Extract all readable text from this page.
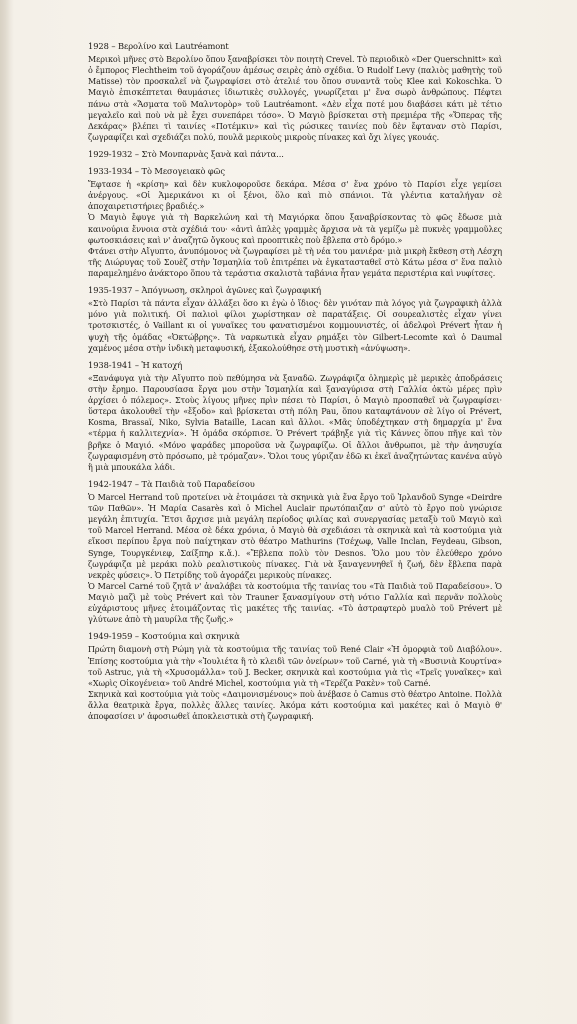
1928 – Βερολίνο καὶ Lautréamont

Μερικοὶ μῆνες στὸ Βερολίνο ὅπου ξαναβρίσκει τὸν ποιητὴ Crevel. Τὸ περιοδικὸ «Der Querschnitt» καὶ ὁ ἔμπορος Flechtheim τοῦ ἀγοράζουν ἀμέσως σειρὲς ἀπὸ σχέδια. Ὁ Rudolf Levy (παλιὸς μαθητὴς τοῦ Matisse) τὸν προσκαλεῖ νὰ ζωγραφίσει στὸ ἀτελιέ του ὅπου συναντᾶ τοὺς Klee καὶ Kokoschka. Ὁ Μαγιὸ ἐπισκέπτεται θαυμάσιες ἰδιωτικὲς συλλογές, γνωρίζεται μ' ἕνα σωρὸ ἀνθρώπους. Πέφτει πάνω στὰ «Ἄσματα τοῦ Μαλντορὸρ» τοῦ Lautréamont. «Δὲν εἶχα ποτέ μου διαβάσει κάτι μὲ τέτιο μεγαλεῖο καὶ ποὺ νὰ μὲ ἔχει συνεπάρει τόσο». Ὁ Μαγιὸ βρίσκεται στὴ πρεμιέρα τῆς «Ὄπερας τῆς Δεκάρας» βλέπει τὶ ταινίες «Ποτέμκιν» καὶ τὶς ρώσικες ταινίες ποὺ δὲν ἔφταναν στὸ Παρίσι, ζωγραφίζει καὶ σχεδιάζει πολύ, πουλᾶ μερικοὺς μικροὺς πίνακες καὶ ὄχι λίγες γκουάς.

1929-1932 – Στὸ Μονπαρνὰς ξανὰ καὶ πάντα...
1933-1934 – Τὸ Μεσογειακὸ φῶς

Ἔφτασε ἡ «κρίση» καὶ δὲν κυκλοφοροῦσε δεκάρα. Μέσα σ' ἕνα χρόνο τὸ Παρίσι εἶχε γεμίσει ἀνέργους. «Οἱ Ἀμερικάνοι κι οἱ ξένοι, ὅλο καὶ πιὸ σπάνιοι. Τὰ γλέντια καταλήγαν σὲ ἀποχαιρετιστήριες βραδιές.»

Ὁ Μαγιὸ ἔφυγε γιὰ τὴ Βαρκελώνη καὶ τὴ Μαγιόρκα ὅπου ξαναβρίσκοντας τὸ φῶς ἔδωσε μιὰ καινούρια ἔννοια στὰ σχέδιά του· «ἀντὶ ἁπλὲς γραμμὲς ἄρχισα νὰ τὰ γεμίζω μὲ πυκνὲς γραμμοῦλες φωτοσκιάσεις καὶ ν' ἀναζητῶ ὄγκους καὶ προοπτικὲς ποὺ ἔβλεπα στὸ δρόμο.»

Φτάνει στὴν Αἴγυπτο, ἀνυπόμονος νὰ ζωγραφίσει μὲ τὴ νέα του μανιέρα· μιὰ μικρὴ ἔκθεση στὴ Λέσχη τῆς Διώρυγας τοῦ Σουὲζ στὴν Ἰσμαηλία τοῦ ἐπιτρέπει νὰ ἐγκατασταθεῖ στὸ Κάτω μέσα σ' ἕνα παλιὸ παραμελημένο ἀνάκτορο ὅπου τὰ τεράστια σκαλιστὰ ταβάνια ἦταν γεμάτα περιστέρια καὶ νυφίτσες.

1935-1937 – Ἀπόγνωση, σκληροὶ ἀγῶνες καὶ ζωγραφική

«Στὸ Παρίσι τὰ πάντα εἶχαν ἀλλάξει ὅσο κι ἐγὼ ὁ ἴδιος· δὲν γινόταν πιὰ λόγος γιὰ ζωγραφικὴ ἀλλὰ μόνο γιὰ πολιτική. Οἱ παλιοὶ φίλοι χωρίστηκαν σὲ παρατάξεις. Οἱ σουρεαλιστὲς εἶχαν γίνει τροτσκιστές, ὁ Vaillant κι οἱ γυναῖκες του φανατισμένοι κομμουνιστές, οἱ ἀδελφοὶ Prévert ἦταν ἡ ψυχὴ τῆς ὁμάδας «Ὀκτώβρης». Τὰ ναρκωτικὰ εἶχαν ρημάξει τὸν Gilbert-Lecomte καὶ ὁ Daumal χαμένος μέσα στὴν ἰνδικὴ μεταφυσική, ἐξακολούθησε στὴ μυστικὴ «ἀνύψωση».

1938-1941 – Ἡ κατοχή

«Ξανάφυγα γιὰ τὴν Αἴγυπτο ποὺ πεθύμησα νὰ ξαναδῶ. Ζωγράφιζα ὁλημερὶς μὲ μερικὲς ἀποδράσεις στὴν ἔρημο. Παρουσίασα ἔργα μου στὴν Ἰσμαηλία καὶ ξαναγύρισα στὴ Γαλλία ὀκτὼ μέρες πρὶν ἀρχίσει ὁ πόλεμος». Στοὺς λίγους μῆνες πρὶν πέσει τὸ Παρίσι, ὁ Μαγιὸ προσπαθεῖ νὰ ζωγραφίσει· ὕστερα ἀκολουθεῖ τὴν «ἔξοδο» καὶ βρίσκεται στὴ πόλη Pau, ὅπου καταφτάνουν σὲ λίγο οἱ Prévert, Kosma, Brassaï, Niko, Sylvia Bataille, Lacan καὶ ἄλλοι. «Μᾶς ὑποδέχτηκαν στὴ δημαρχία μ' ἕνα «τέρμα ἡ καλλιτεχνία». Ἡ ὁμάδα σκόρπισε. Ὁ Prévert τράβηξε γιὰ τὶς Κάννες ὅπου πῆγε καὶ τὸν βρῆκε ὁ Μαγιό. «Μόνο ψαράδες μποροῦσα νὰ ζωγραφίζω. Οἱ ἄλλοι ἄνθρωποι, μὲ τὴν ἀνησυχία ζωγραφισμένη στὸ πρόσωπο, μὲ τρόμαζαν». Ὅλοι τους γύριζαν ἐδῶ κι ἐκεῖ ἀναζητώντας κανένα αὐγὸ ἢ μιὰ μπουκάλα λάδι.

1942-1947 – Τὰ Παιδιὰ τοῦ Παραδείσου

Ὁ Marcel Herrand τοῦ προτείνει νὰ ἑτοιμάσει τὰ σκηνικὰ γιὰ ἕνα ἔργο τοῦ Ἰρλανδοῦ Synge «Deirdre τῶν Παθῶν». Ἡ Μαρία Casarès καὶ ὁ Michel Auclair πρωτόπαιζαν σ' αὐτὸ τὸ ἔργο ποὺ γνώρισε μεγάλη ἐπιτυχία. Ἔτσι ἄρχισε μιὰ μεγάλη περίοδος φιλίας καὶ συνεργασίας μεταξὺ τοῦ Μαγιὸ καὶ τοῦ Marcel Herrand. Μέσα σὲ δέκα χρόνια, ὁ Μαγιὸ θὰ σχεδιάσει τὰ σκηνικὰ καὶ τὰ κοστούμια γιὰ εἴκοσι περίπου ἔργα ποὺ παίχτηκαν στὸ θέατρο Mathurins (Τσέχωφ, Valle Inclan, Feydeau, Gibson, Synge, Τουργκένιεφ, Σαίξπηρ κ.ἄ.). «Ἔβλεπα πολὺ τὸν Desnos. Ὅλο μου τὸν ἐλεύθερο χρόνο ζωγράφιζα μὲ μεράκι πολὺ ρεαλιστικοὺς πίνακες. Γιὰ νὰ ξαναγεννηθεῖ ἡ ζωή, δὲν ἔβλεπα παρὰ νεκρὲς φύσεις». Ὁ Πετρίδης τοῦ ἀγοράζει μερικοὺς πίνακες.

Ὁ Marcel Carné τοῦ ζητᾶ ν' ἀναλάβει τὰ κοστούμια τῆς ταινίας του «Τὰ Παιδιὰ τοῦ Παραδείσου». Ὁ Μαγιὸ μαζὶ μὲ τοὺς Prévert καὶ τὸν Trauner ξανασμίγουν στὴ νότιο Γαλλία καὶ περνᾶν πολλοὺς εὐχάριστους μῆνες ἑτοιμάζοντας τὶς μακέτες τῆς ταινίας. «Τὸ ἀστραφτερὸ μυαλὸ τοῦ Prévert μὲ γλύτωνε ἀπὸ τὴ μαυρίλα τῆς ζωῆς.»

1949-1959 – Κοστούμια καὶ σκηνικὰ

Πρώτη διαμονὴ στὴ Ρώμη γιὰ τὰ κοστούμια τῆς ταινίας τοῦ René Clair «Ἡ ὁμορφιὰ τοῦ Διαβόλου». Ἐπίσης κοστούμια γιὰ τὴν «Ἰουλιέτα ἢ τὸ κλειδὶ τῶν ὀνείρων» τοῦ Carné, γιὰ τὴ «Βυσινιὰ Κουρτίνα» τοῦ Astruc, γιὰ τὴ «Χρυσομάλλα» τοῦ J. Becker, σκηνικὰ καὶ κοστούμια γιὰ τὶς «Τρεῖς γυναῖκες» καὶ «Χωρὶς Οἰκογένεια» τοῦ André Michel, κοστούμια γιὰ τὴ «Τερέζα Ρακὲν» τοῦ Carné.

Σκηνικὰ καὶ κοστούμια γιὰ τοὺς «Δαιμονισμένους» ποὺ ἀνέβασε ὁ Camus στὸ θέατρο Antoine. Πολλὰ ἄλλα θεατρικὰ ἔργα, πολλὲς ἄλλες ταινίες. Ἀκόμα κάτι κοστούμια καὶ μακέτες καὶ ὁ Μαγιὸ θ' ἀποφασίσει ν' ἀφοσιωθεῖ ἀποκλειστικὰ στὴ ζωγραφική.
